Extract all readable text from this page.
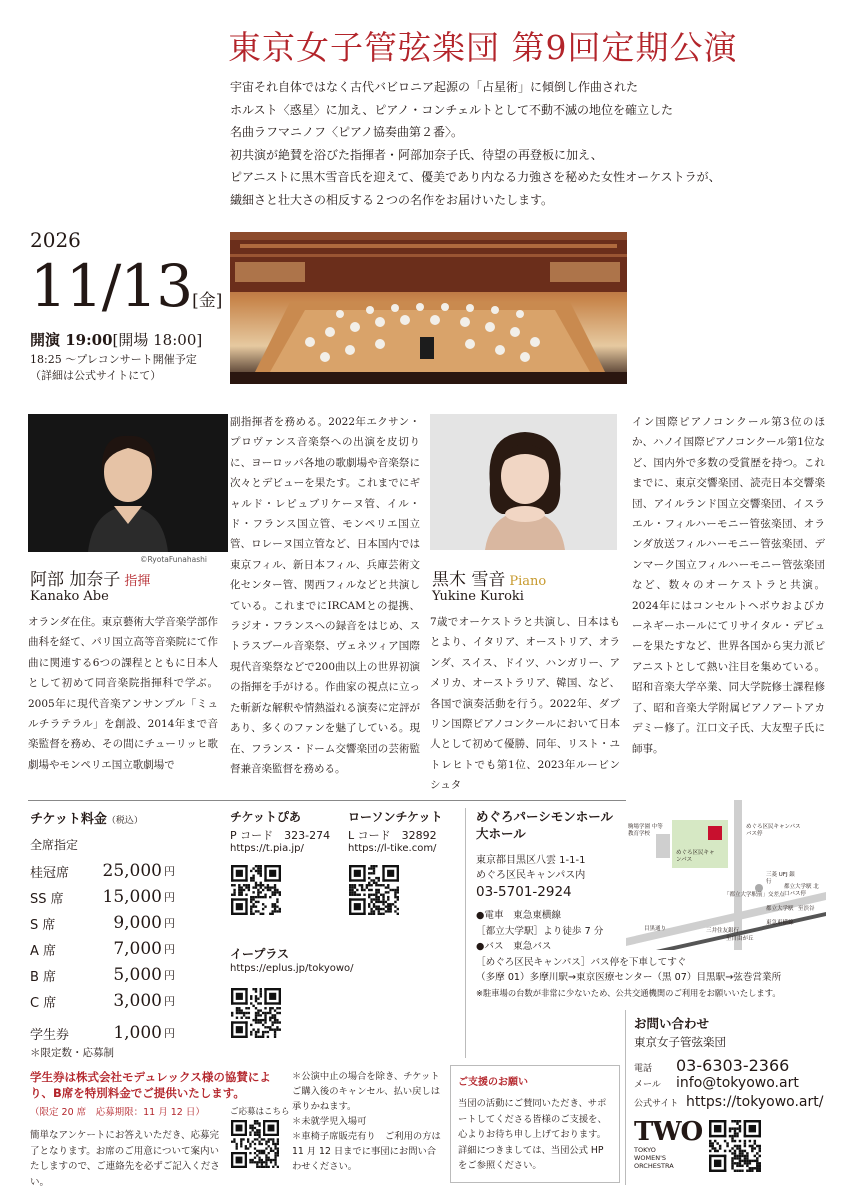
東京女子管弦楽団 第9回定期公演
宇宙それ自体ではなく古代バビロニア起源の「占星術」に傾倒し作曲された
ホルスト〈惑星〉に加え、ピアノ・コンチェルトとして不動不滅の地位を確立した
名曲ラフマニノフ〈ピアノ協奏曲第２番〉。
初共演が絶賛を浴びた指揮者・阿部加奈子氏、待望の再登板に加え、
ピアニストに黒木雪音氏を迎えて、優美であり内なる力強さを秘めた女性オーケストラが、
繊細さと壮大さの相反する２つの名作をお届けいたします。
2026
11/13[金]
開演 19:00[開場 18:00]
18:25 〜プレコンサート開催予定
（詳細は公式サイトにて）
©RyotaFunahashi
阿部 加奈子 指揮
Kanako Abe
オランダ在住。東京藝術大学音楽学部作曲科を経て、パリ国立高等音楽院にて作曲に関連する6つの課程とともに日本人として初めて同音楽院指揮科で学ぶ。2005年に現代音楽アンサンブル「ミュルチラテラル」を創設、2014年まで音楽監督を務め、その間にチューリッヒ歌劇場やモンペリエ国立歌劇場で
副指揮者を務める。2022年エクサン・プロヴァンス音楽祭への出演を皮切りに、ヨーロッパ各地の歌劇場や音楽祭に次々とデビューを果たす。これまでにギャルド・レピュブリケーヌ管、イル・ド・フランス国立管、モンペリエ国立管、ロレーヌ国立管など、日本国内では東京フィル、新日本フィル、兵庫芸術文化センター管、関西フィルなどと共演している。これまでにIRCAMとの提携、ラジオ・フランスへの録音をはじめ、ストラスブール音楽祭、ヴェネツィア国際現代音楽祭などで200曲以上の世界初演の指揮を手がける。作曲家の視点に立った斬新な解釈や情熱溢れる演奏に定評があり、多くのファンを魅了している。現在、フランス・ドーム交響楽団の芸術監督兼音楽監督を務める。
黒木 雪音 Piano
Yukine Kuroki
7歳でオーケストラと共演し、日本はもとより、イタリア、オーストリア、オランダ、スイス、ドイツ、ハンガリー、アメリカ、オーストラリア、韓国、など、各国で演奏活動を行う。2022年、ダブリン国際ピアノコンクールにおいて日本人として初めて優勝、同年、リスト・ユトレヒトでも第1位、2023年ルービンシュタ
イン国際ピアノコンクール第3位のほか、ハノイ国際ピアノコンクール第1位など、国内外で多数の受賞歴を持つ。これまでに、東京交響楽団、読売日本交響楽団、アイルランド国立交響楽団、イスラエル・フィルハーモニー管弦楽団、オランダ放送フィルハーモニー管弦楽団、デンマーク国立フィルハーモニー管弦楽団など、数々のオーケストラと共演。2024年にはコンセルトヘボウおよびカーネギーホールにてリサイタル・デビューを果たすなど、世界各国から実力派ピアニストとして熱い注目を集めている。昭和音楽大学卒業、同大学院修士課程修了、昭和音楽大学附属ピアノアートアカデミー修了。江口文子氏、大友聖子氏に師事。
チケット料金（税込）
全席指定
桂冠席	25,000 円
SS 席	15,000 円
S 席	9,000 円
A 席	7,000 円
B 席	5,000 円
C 席	3,000 円
学生券	1,000 円
＊限定数・応募制
学生券は株式会社モデュレックス様の協賛により、B席を特別料金でご提供いたします。
（限定 20 席　応募期限：11 月 12 日）
簡単なアンケートにお答えいただき、応募完了となります。お席のご用意について案内いたしますので、ご連絡先を必ずご記入ください。
ご応募はこちら
チケットぴあ
P コード　 323-274
https://t.pia.jp/
ローソンチケット
L コード　 32892
https://l-tike.com/
イープラス
https://eplus.jp/tokyowo/
＊公演中止の場合を除き、チケットご購入後のキャンセル、払い戻しは承りかねます。
＊未就学児入場可
＊車椅子席販売有り　ご利用の方は 11 月 12 日までに事団にお問い合わせください。
ご支援のお願い
当団の活動にご賛同いただき、サポートしてくださる皆様のご支援を、心よりお待ち申し上げております。詳細につきましては、当団公式 HP をご参照ください。
めぐろパーシモンホール
大ホール
東京都目黒区八雲 1-1-1
めぐろ区民キャンパス内
03-5701-2924
●電車　東急東横線
［都立大学駅］より徒歩 7 分
●バス　東急バス
［めぐろ区民キャンパス］バス停を下車してすぐ
（多摩 01）多摩川駅→東京医療センター（黒 07）目黒駅→弦巻営業所
※駐車場の台数が非常に少ないため、公共交通機関のご利用をお願いいたします。
駒場学園 中等教育学校
めぐろ区民キャンパス
めぐろ区民キャンパス バス停
「都立大学駅前」交差点
三菱 UFJ 銀行
都立大学駅 北口バス停
目黒通り	三井住友銀行
東急東横線
都立大学駅
至自由が丘
至渋谷
お問い合わせ
東京女子管弦楽団
電話 03-6303-2366
メール info@tokyowo.art
公式サイト https://tokyowo.art/
TWO
TOKYO
WOMEN'S
ORCHESTRA
